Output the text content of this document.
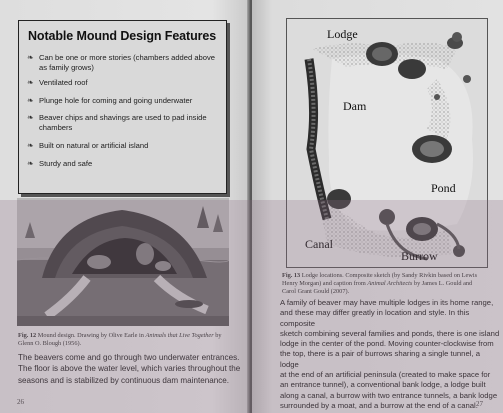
Notable Mound Design Features
❧ Can be one or more stories (chambers added above as family grows)
❧ Ventilated roof
❧ Plunge hole for coming and going underwater
❧ Beaver chips and shavings are used to pad inside chambers
❧ Built on natural or artificial island
❧ Sturdy and safe
Fig. 12 Mound design. Drawing by Olive Earle in Animals that Live Together by Glenn O. Blough (1956).
The beavers come and go through two underwater entrances.
The floor is above the water level, which varies throughout the
seasons and is stabilized by continuous dam maintenance.
26
Lodge
Dam
Pond
Canal
Burrow
Fig. 13 Lodge locations. Composite sketch (by Sandy Rivkin based on Lewis
Henry Morgan) and caption from Animal Architects by James L. Gould and
Carol Grant Gould (2007).
A family of beaver may have multiple lodges in its home range,
and these may differ greatly in location and style. In this composite
sketch combining several families and ponds, there is one island
lodge in the center of the pond. Moving counter-clockwise from
the top, there is a pair of burrows sharing a single tunnel, a lodge
at the end of an artificial peninsula (created to make space for
an entrance tunnel), a conventional bank lodge, a lodge built
along a canal, a burrow with two entrance tunnels, a bank lodge
surrounded by a moat, and a burrow at the end of a canal.
27
